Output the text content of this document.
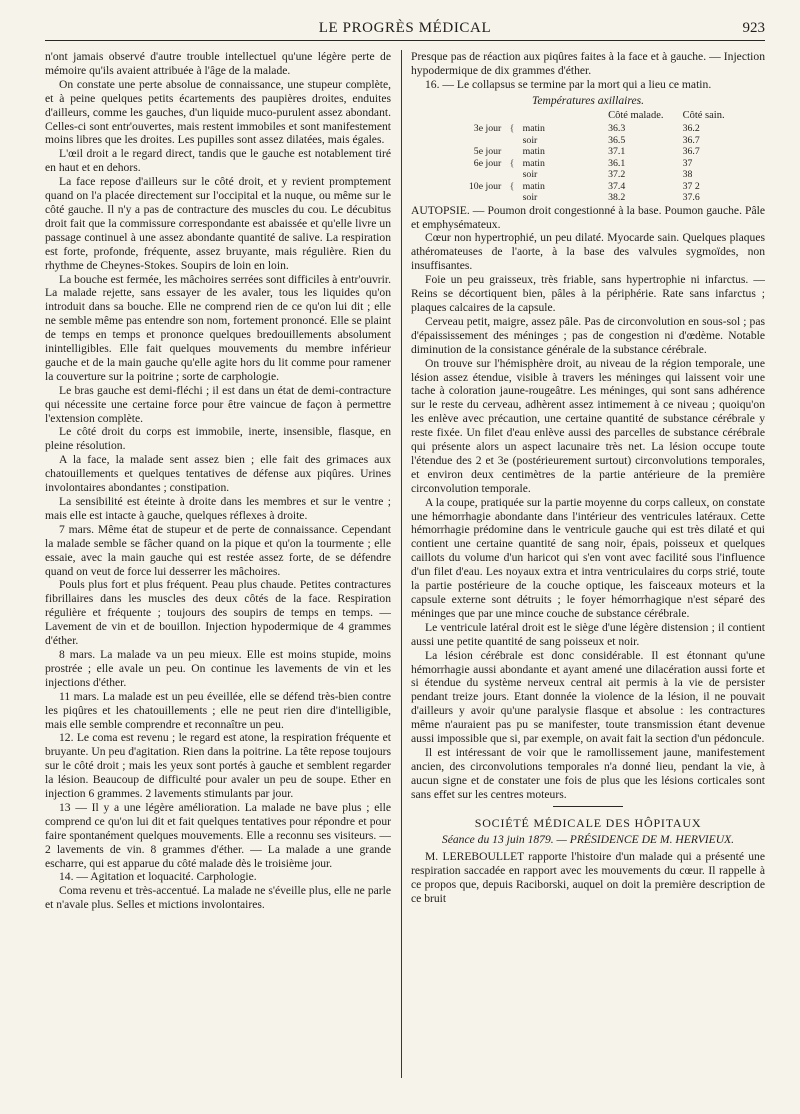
LE PROGRÈS MÉDICAL	923

n'ont jamais observé d'autre trouble intellectuel qu'une légère perte de mémoire qu'ils avaient attribuée à l'âge de la malade.

On constate une perte absolue de connaissance, une stupeur complète, et à peine quelques petits écartements des paupières droites, enduites d'ailleurs, comme les gauches, d'un liquide muco-purulent assez abondant. Celles-ci sont entr'ouvertes, mais restent immobiles et sont manifestement moins libres que les droites. Les pupilles sont assez dilatées, mais égales.

L'œil droit a le regard direct, tandis que le gauche est notablement tiré en haut et en dehors.

La face repose d'ailleurs sur le côté droit, et y revient promptement quand on l'a placée directement sur l'occipital et la nuque, ou même sur le côté gauche. Il n'y a pas de contracture des muscles du cou. Le décubitus droit fait que la commissure correspondante est abaissée et qu'elle livre un passage continuel à une assez abondante quantité de salive. La respiration est forte, profonde, fréquente, assez bruyante, mais régulière. Rien du rhythme de Cheynes-Stokes. Soupirs de loin en loin.

La bouche est fermée, les mâchoires serrées sont difficiles à entr'ouvrir. La malade rejette, sans essayer de les avaler, tous les liquides qu'on introduit dans sa bouche. Elle ne comprend rien de ce qu'on lui dit ; elle ne semble même pas entendre son nom, fortement prononcé. Elle se plaint de temps en temps et prononce quelques bredouillements absolument inintelligibles. Elle fait quelques mouvements du membre inférieur gauche et de la main gauche qu'elle agite hors du lit comme pour ramener la couverture sur la poitrine ; sorte de carphologie.

Le bras gauche est demi-fléchi ; il est dans un état de demi-contracture qui nécessite une certaine force pour être vaincue de façon à permettre l'extension complète.

Le côté droit du corps est immobile, inerte, insensible, flasque, en pleine résolution.

A la face, la malade sent assez bien ; elle fait des grimaces aux chatouillements et quelques tentatives de défense aux piqûres. Urines involontaires abondantes ; constipation.

La sensibilité est éteinte à droite dans les membres et sur le ventre ; mais elle est intacte à gauche, quelques réflexes à droite.

7 mars. Même état de stupeur et de perte de connaissance. Cependant la malade semble se fâcher quand on la pique et qu'on la tourmente ; elle essaie, avec la main gauche qui est restée assez forte, de se défendre quand on veut de force lui desserrer les mâchoires.

Pouls plus fort et plus fréquent. Peau plus chaude. Petites contractures fibrillaires dans les muscles des deux côtés de la face. Respiration régulière et fréquente ; toujours des soupirs de temps en temps. — Lavement de vin et de bouillon. Injection hypodermique de 4 grammes d'éther.

8 mars. La malade va un peu mieux. Elle est moins stupide, moins prostrée ; elle avale un peu. On continue les lavements de vin et les injections d'éther.

11 mars. La malade est un peu éveillée, elle se défend très-bien contre les piqûres et les chatouillements ; elle ne peut rien dire d'intelligible, mais elle semble comprendre et reconnaître un peu.

12. Le coma est revenu ; le regard est atone, la respiration fréquente et bruyante. Un peu d'agitation. Rien dans la poitrine. La tête repose toujours sur le côté droit ; mais les yeux sont portés à gauche et semblent regarder la lésion. Beaucoup de difficulté pour avaler un peu de soupe. Ether en injection 6 grammes. 2 lavements stimulants par jour.

13 — Il y a une légère amélioration. La malade ne bave plus ; elle comprend ce qu'on lui dit et fait quelques tentatives pour répondre et pour faire spontanément quelques mouvements. Elle a reconnu ses visiteurs. — 2 lavements de vin. 8 grammes d'éther. — La malade a une grande escharre, qui est apparue du côté malade dès le troisième jour.

14. — Agitation et loquacité. Carphologie.

Coma revenu et très-accentué. La malade ne s'éveille plus, elle ne parle et n'avale plus. Selles et mictions involontaires.

Presque pas de réaction aux piqûres faites à la face et à gauche. — Injection hypodermique de dix grammes d'éther.

16. — Le collapsus se termine par la mort qui a lieu ce matin.

Températures axillaires.
			Côté malade.	Côté sain.
3e jour	{	matin	36.3	36.2
		soir	36.5	36.7
5e jour		matin	37.1	36.7
6e jour	{	matin	36.1	37
		soir	37.2	38
10e jour	{	matin	37.4	37 2
		soir	38.2	37.6

AUTOPSIE. — Poumon droit congestionné à la base. Poumon gauche. Pâle et emphysémateux.

Cœur non hypertrophié, un peu dilaté. Myocarde sain. Quelques plaques athéromateuses de l'aorte, à la base des valvules sygmoïdes, non insuffisantes.

Foie un peu graisseux, très friable, sans hypertrophie ni infarctus. — Reins se décortiquent bien, pâles à la périphérie. Rate sans infarctus ; plaques calcaires de la capsule.

Cerveau petit, maigre, assez pâle. Pas de circonvolution en sous-sol ; pas d'épaississement des méninges ; pas de congestion ni d'œdème. Notable diminution de la consistance générale de la substance cérébrale.

On trouve sur l'hémisphère droit, au niveau de la région temporale, une lésion assez étendue, visible à travers les méninges qui laissent voir une tache à coloration jaune-rougeâtre. Les méninges, qui sont sans adhérence sur le reste du cerveau, adhèrent assez intimement à ce niveau ; quoiqu'on les enlève avec précaution, une certaine quantité de substance cérébrale y reste fixée. Un filet d'eau enlève aussi des parcelles de substance cérébrale qui présente alors un aspect lacunaire très net. La lésion occupe toute l'étendue des 2 et 3e (postérieurement surtout) circonvolutions temporales, et environ deux centimètres de la partie antérieure de la première circonvolution temporale.

A la coupe, pratiquée sur la partie moyenne du corps calleux, on constate une hémorrhagie abondante dans l'intérieur des ventricules latéraux. Cette hémorrhagie prédomine dans le ventricule gauche qui est très dilaté et qui contient une certaine quantité de sang noir, épais, poisseux et quelques caillots du volume d'un haricot qui s'en vont avec facilité sous l'influence d'un filet d'eau. Les noyaux extra et intra ventriculaires du corps strié, toute la partie postérieure de la couche optique, les faisceaux moteurs et la capsule externe sont détruits ; le foyer hémorrhagique n'est séparé des méninges que par une mince couche de substance cérébrale.

Le ventricule latéral droit est le siège d'une légère distension ; il contient aussi une petite quantité de sang poisseux et noir.

La lésion cérébrale est donc considérable. Il est étonnant qu'une hémorrhagie aussi abondante et ayant amené une dilacération aussi forte et si étendue du système nerveux central ait permis à la vie de persister pendant treize jours. Etant donnée la violence de la lésion, il ne pouvait d'ailleurs y avoir qu'une paralysie flasque et absolue : les contractures même n'auraient pas pu se manifester, toute transmission étant devenue aussi impossible que si, par exemple, on avait fait la section d'un pédoncule.

Il est intéressant de voir que le ramollissement jaune, manifestement ancien, des circonvolutions temporales n'a donné lieu, pendant la vie, à aucun signe et de constater une fois de plus que les lésions corticales sont sans effet sur les centres moteurs.

SOCIÉTÉ MÉDICALE DES HÔPITAUX

Séance du 13 juin 1879. — PRÉSIDENCE DE M. HERVIEUX.

M. LEREBOULLET rapporte l'histoire d'un malade qui a présenté une respiration saccadée en rapport avec les mouvements du cœur. Il rappelle à ce propos que, depuis Raciborski, auquel on doit la première description de ce bruit
